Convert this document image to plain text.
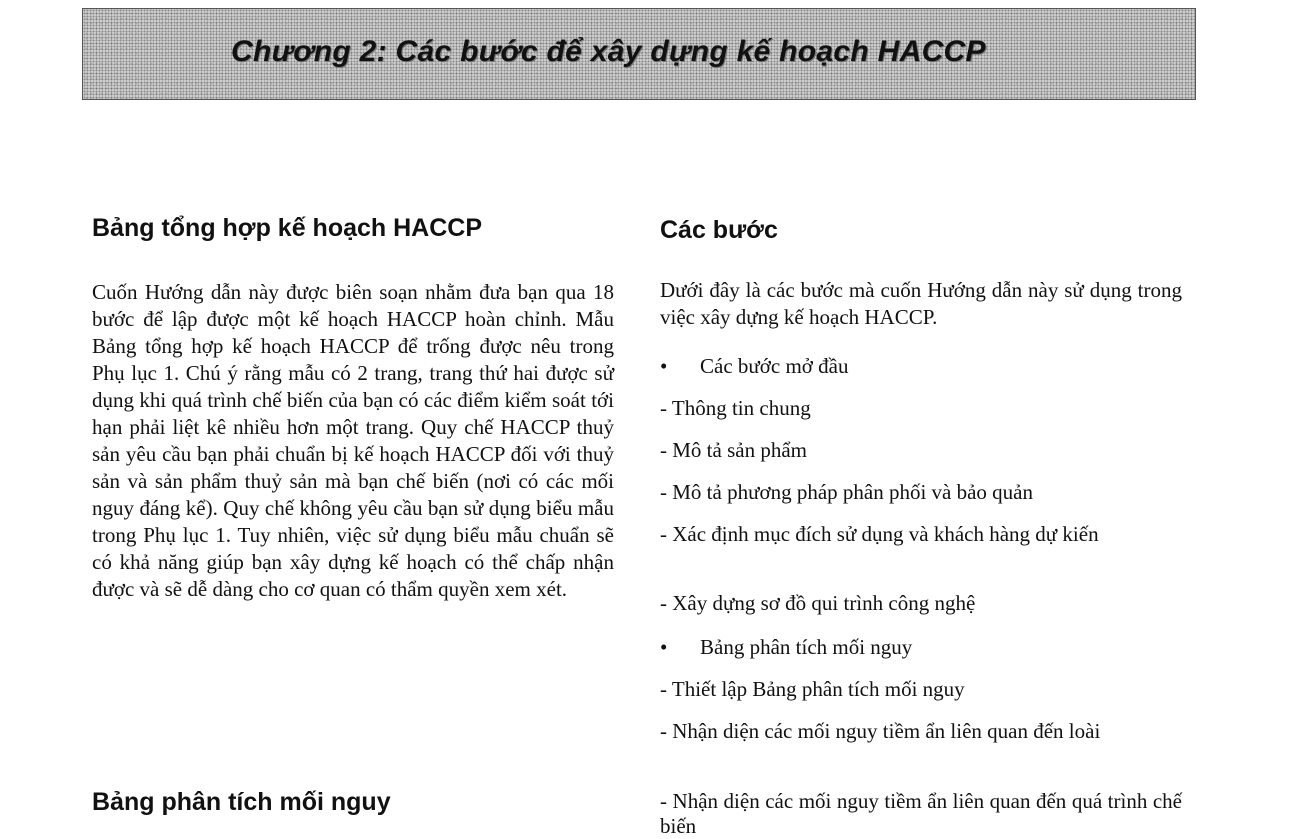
Chương 2: Các bước để xây dựng kế hoạch HACCP
Bảng tổng hợp kế hoạch HACCP

Cuốn Hướng dẫn này được biên soạn nhằm đưa bạn qua 18 bước để lập được một kế hoạch HACCP hoàn chỉnh. Mẫu Bảng tổng hợp kế hoạch HACCP để trống được nêu trong Phụ lục 1. Chú ý rằng mẫu có 2 trang, trang thứ hai được sử dụng khi quá trình chế biến của bạn có các điểm kiểm soát tới hạn phải liệt kê nhiều hơn một trang. Quy chế HACCP thuỷ sản yêu cầu bạn phải chuẩn bị kế hoạch HACCP đối với thuỷ sản và sản phẩm thuỷ sản mà bạn chế biến (nơi có các mối nguy đáng kể). Quy chế không yêu cầu bạn sử dụng biểu mẫu trong Phụ lục 1. Tuy nhiên, việc sử dụng biểu mẫu chuẩn sẽ có khả năng giúp bạn xây dựng kế hoạch có thể chấp nhận được và sẽ dễ dàng cho cơ quan có thẩm quyền xem xét.

Bảng phân tích mối nguy
Các bước

Dưới đây là các bước mà cuốn Hướng dẫn này sử dụng trong việc xây dựng kế hoạch HACCP.

• Các bước mở đầu
- Thông tin chung
- Mô tả sản phẩm
- Mô tả phương pháp phân phối và bảo quản
- Xác định mục đích sử dụng và khách hàng dự kiến
- Xây dựng sơ đồ qui trình công nghệ
• Bảng phân tích mối nguy
- Thiết lập Bảng phân tích mối nguy
- Nhận diện các mối nguy tiềm ẩn liên quan đến loài
- Nhận diện các mối nguy tiềm ẩn liên quan đến quá trình chế biến
